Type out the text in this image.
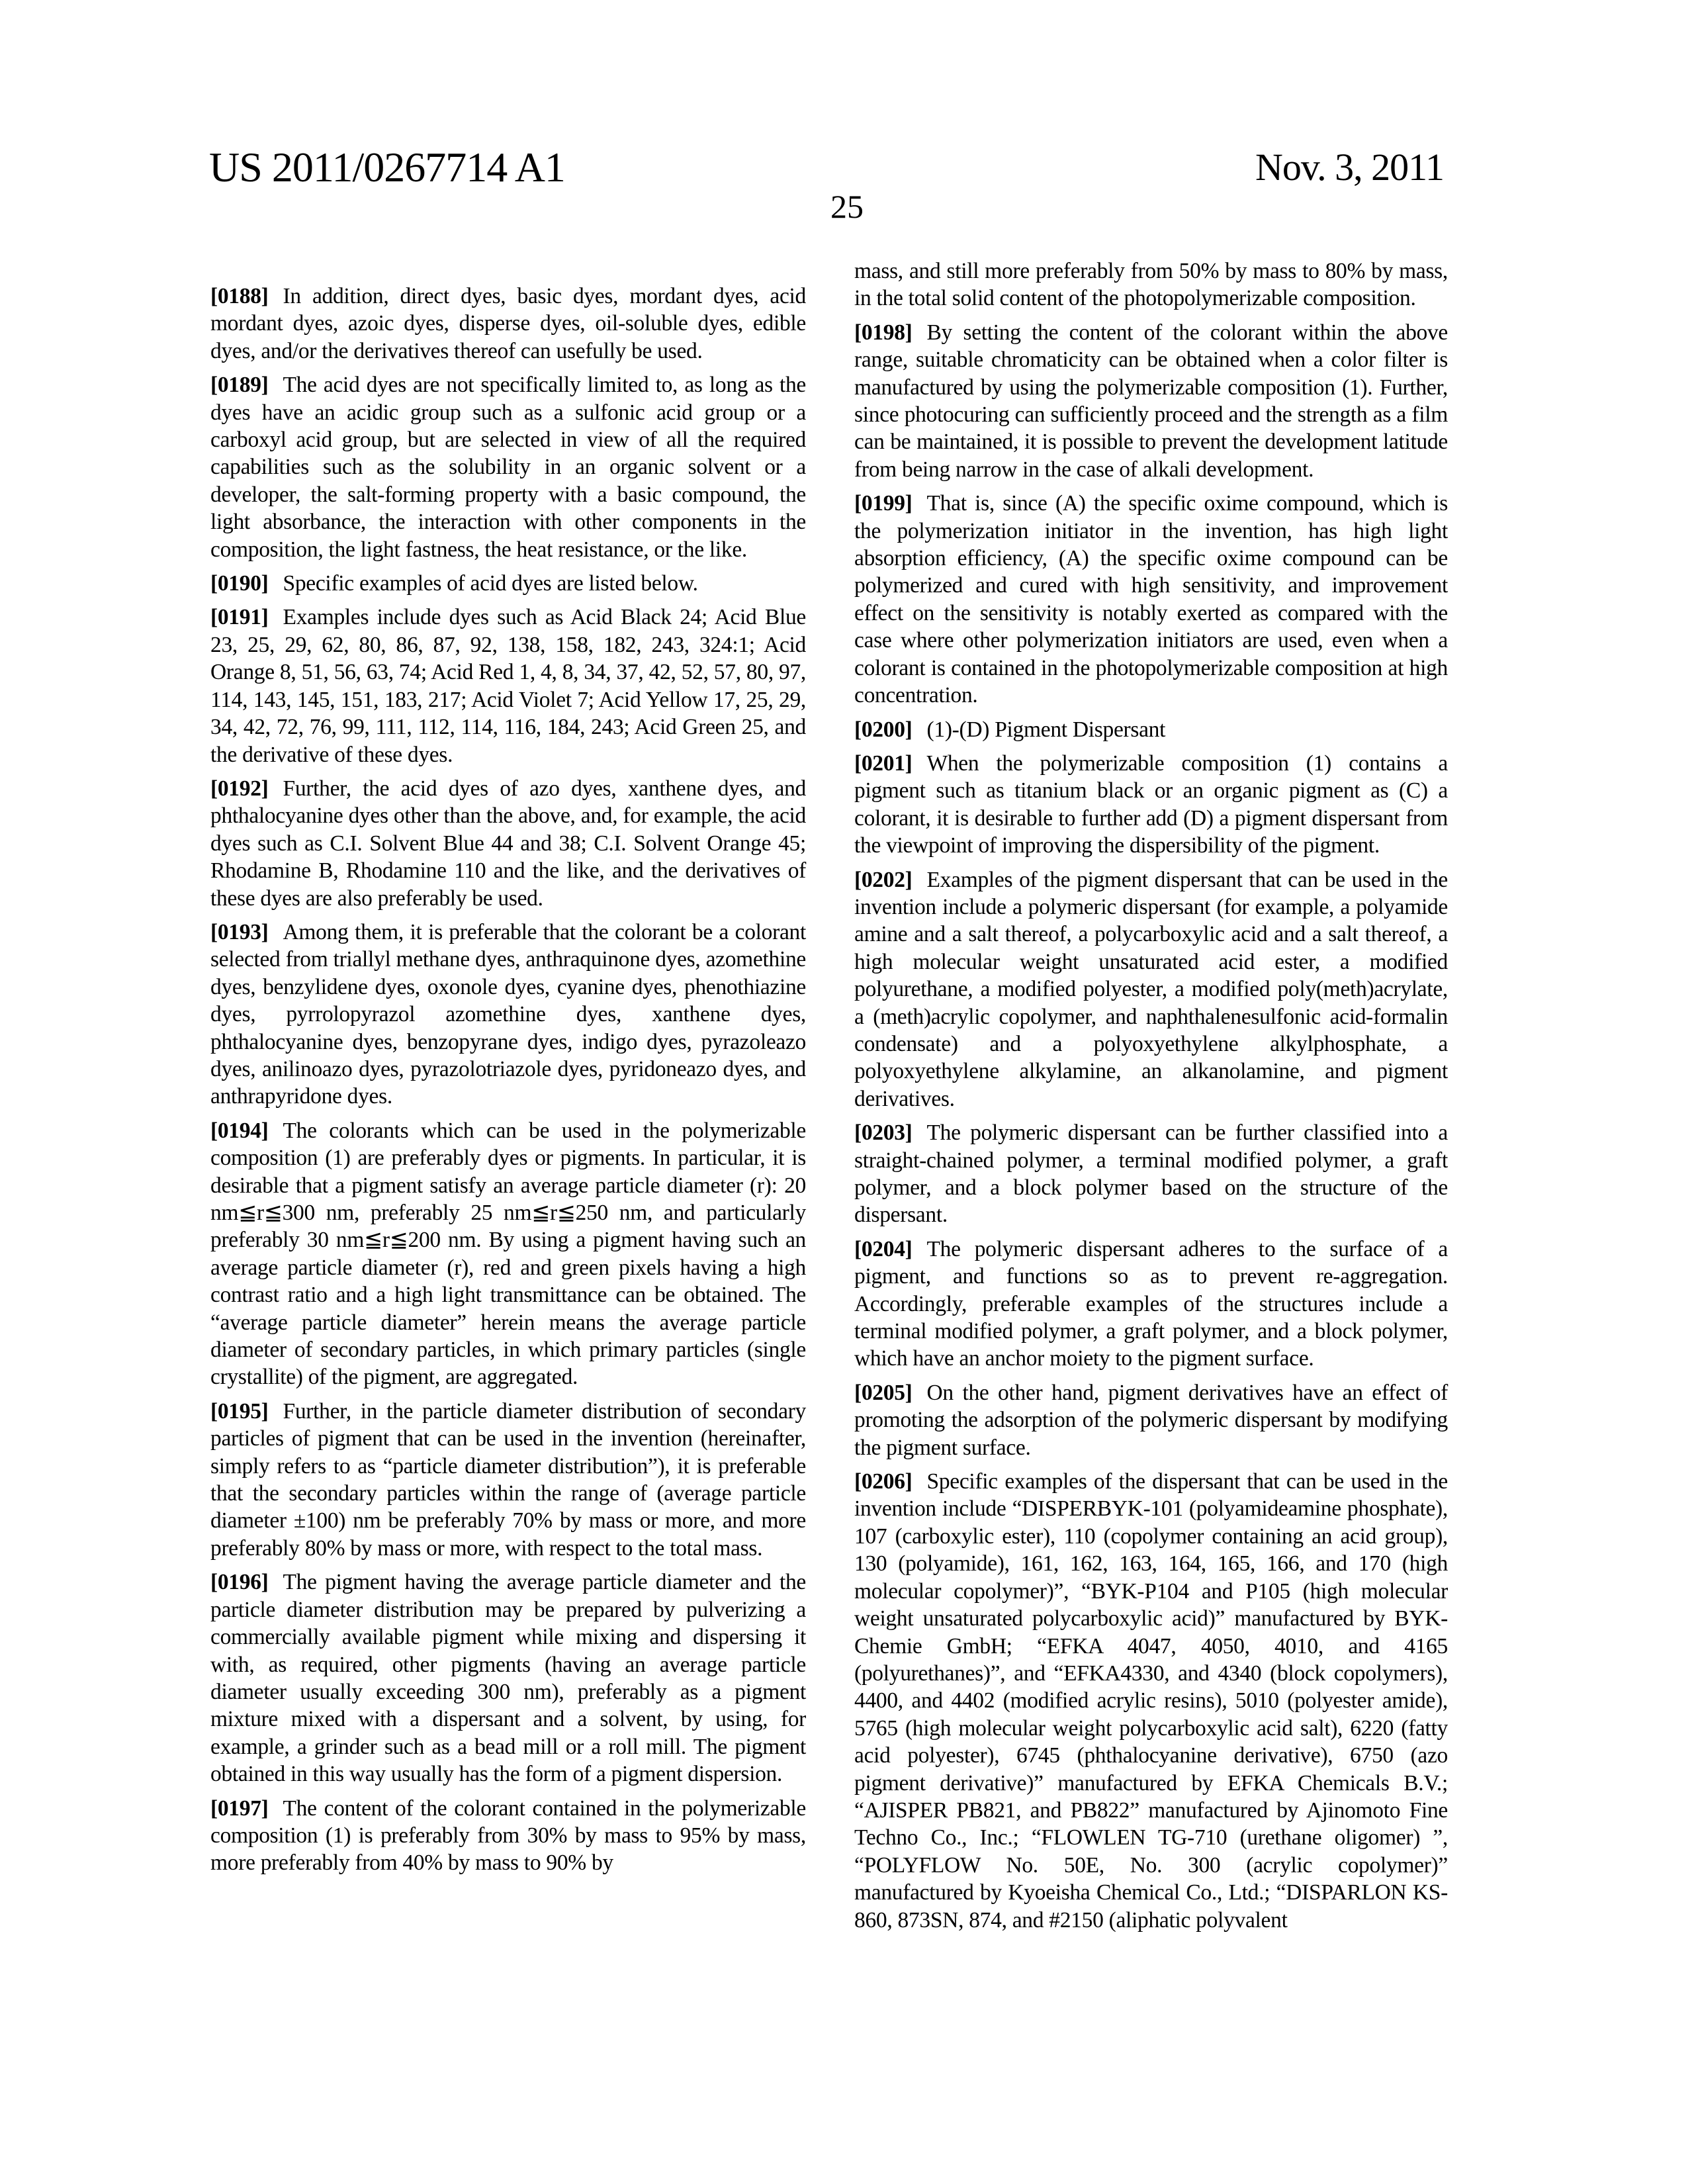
US 2011/0267714 A1	Nov. 3, 2011
25

[0188] In addition, direct dyes, basic dyes, mordant dyes, acid mordant dyes, azoic dyes, disperse dyes, oil-soluble dyes, edible dyes, and/or the derivatives thereof can usefully be used.

[0189] The acid dyes are not specifically limited to, as long as the dyes have an acidic group such as a sulfonic acid group or a carboxyl acid group, but are selected in view of all the required capabilities such as the solubility in an organic sol­vent or a developer, the salt-forming property with a basic compound, the light absorbance, the interaction with other components in the composition, the light fastness, the heat resistance, or the like.

[0190] Specific examples of acid dyes are listed below.

[0191] Examples include dyes such as Acid Black 24; Acid Blue 23, 25, 29, 62, 80, 86, 87, 92, 138, 158, 182, 243, 324:1; Acid Orange 8, 51, 56, 63, 74; Acid Red 1, 4, 8, 34, 37, 42, 52, 57, 80, 97, 114, 143, 145, 151, 183, 217; Acid Violet 7; Acid Yellow 17, 25, 29, 34, 42, 72, 76, 99, 111, 112, 114, 116, 184, 243; Acid Green 25, and the derivative of these dyes.

[0192] Further, the acid dyes of azo dyes, xanthene dyes, and phthalocyanine dyes other than the above, and, for example, the acid dyes such as C.I. Solvent Blue 44 and 38; C.I. Solvent Orange 45; Rhodamine B, Rhodamine 110 and the like, and the derivatives of these dyes are also preferably be used.

[0193] Among them, it is preferable that the colorant be a colorant selected from triallyl methane dyes, anthraquinone dyes, azomethine dyes, benzylidene dyes, oxonole dyes, cya­nine dyes, phenothiazine dyes, pyrrolopyrazol azomethine dyes, xanthene dyes, phthalocyanine dyes, benzopyrane dyes, indigo dyes, pyrazoleazo dyes, anilinoazo dyes, pyra­zolotriazole dyes, pyridoneazo dyes, and anthrapyridone dyes.

[0194] The colorants which can be used in the polymeriz­able composition (1) are preferably dyes or pigments. In particular, it is desirable that a pigment satisfy an average particle diameter (r): 20 nm≦r≦300 nm, preferably 25 nm≦r≦250 nm, and particularly preferably 30 nm≦r≦200 nm. By using a pigment having such an average particle diameter (r), red and green pixels having a high contrast ratio and a high light transmittance can be obtained. The “average particle diameter” herein means the average particle diameter of secondary particles, in which primary particles (single crystallite) of the pigment, are aggregated.

[0195] Further, in the particle diameter distribution of sec­ondary particles of pigment that can be used in the invention (hereinafter, simply refers to as “particle diameter distribu­tion”), it is preferable that the secondary particles within the range of (average particle diameter ±100) nm be preferably 70% by mass or more, and more preferably 80% by mass or more, with respect to the total mass.

[0196] The pigment having the average particle diameter and the particle diameter distribution may be prepared by pulverizing a commercially available pigment while mixing and dispersing it with, as required, other pigments (having an average particle diameter usually exceeding 300 nm), prefer­ably as a pigment mixture mixed with a dispersant and a solvent, by using, for example, a grinder such as a bead mill or a roll mill. The pigment obtained in this way usually has the form of a pigment dispersion.

[0197] The content of the colorant contained in the poly­merizable composition (1) is preferably from 30% by mass to 95% by mass, more preferably from 40% by mass to 90% by

mass, and still more preferably from 50% by mass to 80% by mass, in the total solid content of the photopolymerizable composition.

[0198] By setting the content of the colorant within the above range, suitable chromaticity can be obtained when a color filter is manufactured by using the polymerizable com­position (1). Further, since photocuring can sufficiently pro­ceed and the strength as a film can be maintained, it is possible to prevent the development latitude from being narrow in the case of alkali development.

[0199] That is, since (A) the specific oxime compound, which is the polymerization initiator in the invention, has high light absorption efficiency, (A) the specific oxime compound can be polymerized and cured with high sensitivity, and improvement effect on the sensitivity is notably exerted as compared with the case where other polymerization initiators are used, even when a colorant is contained in the photopo­lymerizable composition at high concentration.

[0200] (1)-(D) Pigment Dispersant

[0201] When the polymerizable composition (1) contains a pigment such as titanium black or an organic pigment as (C) a colorant, it is desirable to further add (D) a pigment dispers­ant from the viewpoint of improving the dispersibility of the pigment.

[0202] Examples of the pigment dispersant that can be used in the invention include a polymeric dispersant (for example, a polyamide amine and a salt thereof, a polycarboxylic acid and a salt thereof, a high molecular weight unsaturated acid ester, a modified polyurethane, a modified polyester, a modi­fied poly(meth)acrylate, a (meth)acrylic copolymer, and naphthalenesulfonic acid-formalin condensate) and a poly­oxyethylene alkylphosphate, a polyoxyethylene alkylamine, an alkanolamine, and pigment derivatives.

[0203] The polymeric dispersant can be further classified into a straight-chained polymer, a terminal modified polymer, a graft polymer, and a block polymer based on the structure of the dispersant.

[0204] The polymeric dispersant adheres to the surface of a pigment, and functions so as to prevent re-aggregation. Accordingly, preferable examples of the structures include a terminal modified polymer, a graft polymer, and a block polymer, which have an anchor moiety to the pigment sur­face.

[0205] On the other hand, pigment derivatives have an effect of promoting the adsorption of the polymeric dispers­ant by modifying the pigment surface.

[0206] Specific examples of the dispersant that can be used in the invention include “DISPERBYK-101 (polyamideam­ine phosphate), 107 (carboxylic ester), 110 (copolymer con­taining an acid group), 130 (polyamide), 161, 162, 163, 164, 165, 166, and 170 (high molecular copolymer)”, “BYK-P104 and P105 (high molecular weight unsaturated polycarboxylic acid)” manufactured by BYK-Chemie GmbH; “EFKA 4047, 4050, 4010, and 4165 (polyurethanes)”, and “EFKA4330, and 4340 (block copolymers), 4400, and 4402 (modified acrylic resins), 5010 (polyester amide), 5765 (high molecular weight polycarboxylic acid salt), 6220 (fatty acid polyester), 6745 (phthalocyanine derivative), 6750 (azo pigment deriva­tive)” manufactured by EFKA Chemicals B.V.; “AJISPER PB821, and PB822” manufactured by Ajinomoto Fine Techno Co., Inc.; “FLOWLEN TG-710 (urethane oligomer) ”, “POLYFLOW No. 50E, No. 300 (acrylic copolymer)” manufactured by Kyoeisha Chemical Co., Ltd.; “DISPAR­LON KS-860, 873SN, 874, and #2150 (aliphatic polyvalent
